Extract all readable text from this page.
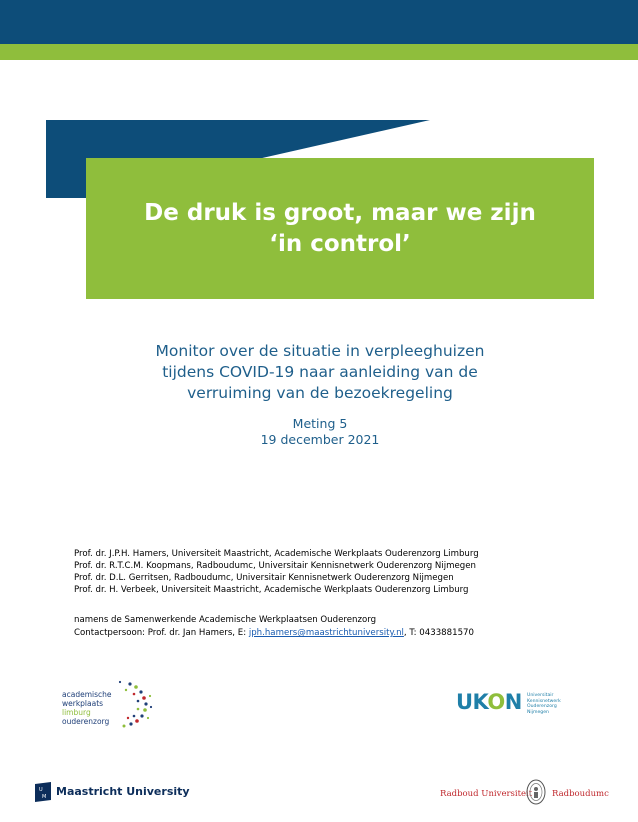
De druk is groot, maar we zijn
‘in control’
Monitor over de situatie in verpleeghuizen
tijdens COVID-19 naar aanleiding van de
verruiming van de bezoekregeling
Meting 5
19 december 2021
Prof. dr. J.P.H. Hamers, Universiteit Maastricht, Academische Werkplaats Ouderenzorg Limburg
Prof. dr. R.T.C.M. Koopmans, Radboudumc, Universitair Kennisnetwerk Ouderenzorg Nijmegen
Prof. dr. D.L. Gerritsen, Radboudumc, Universitair Kennisnetwerk Ouderenzorg Nijmegen
Prof. dr. H. Verbeek, Universiteit Maastricht, Academische Werkplaats Ouderenzorg Limburg
namens de Samenwerkende Academische Werkplaatsen Ouderenzorg
Contactpersoon: Prof. dr. Jan Hamers, E: jph.hamers@maastrichtuniversity.nl, T: 0433881570
academische
werkplaats
limburg
ouderenzorg
UKON Universitair
Kennisnetwerk
Ouderenzorg
Nijmegen
U
M Maastricht University	Radboud Universiteit Radboudumc
